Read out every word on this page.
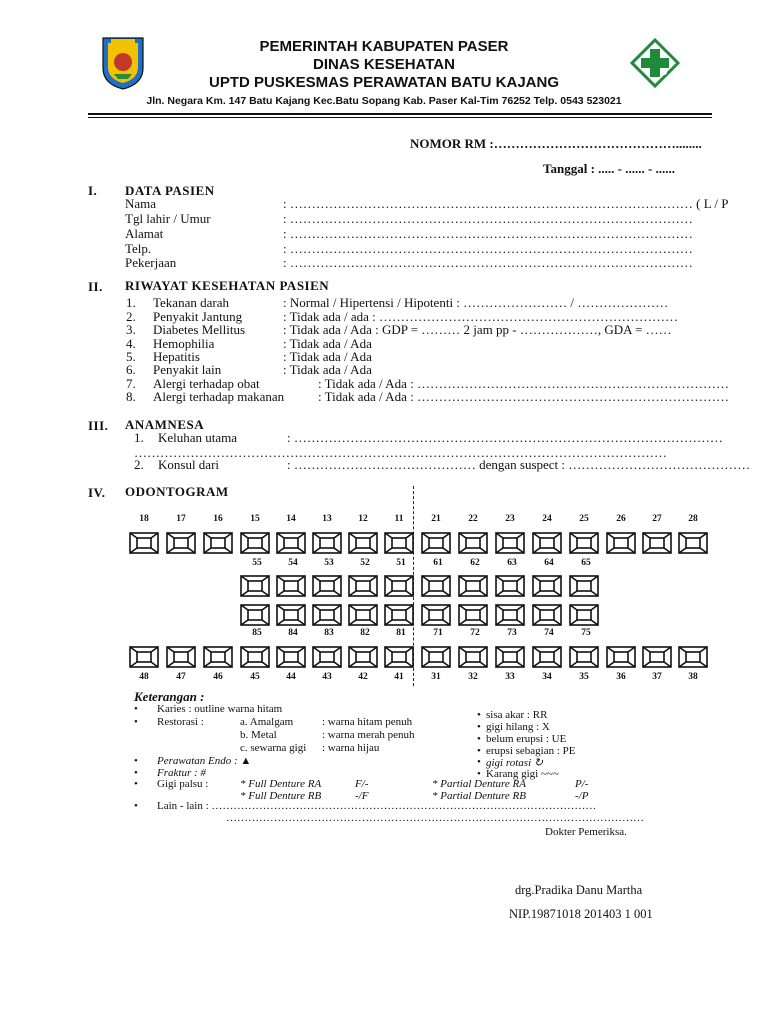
PEMERINTAH KABUPATEN PASER
DINAS KESEHATAN
UPTD PUSKESMAS PERAWATAN BATU KAJANG
Jln. Negara Km. 147 Batu Kajang Kec.Batu Sopang Kab. Paser Kal-Tim 76252 Telp. 0543 523021
NOMOR RM :……………………………………........
Tanggal : ..... - ...... - ......
I. DATA PASIEN
Nama	: ………………………………………………………………………………… ( L / P
Tgl lahir / Umur	: …………………………………………………………………………………
Alamat	: …………………………………………………………………………………
Telp.	: …………………………………………………………………………………
Pekerjaan	: …………………………………………………………………………………
II. RIWAYAT KESEHATAN PASIEN
1. Tekanan darah	: Normal / Hipertensi / Hipotenti : …………………… / …………………
2. Penyakit Jantung	: Tidak ada / ada : ……………………………………………………………
3. Diabetes Mellitus	: Tidak ada / Ada : GDP = ……… 2 jam pp - ………………, GDA = ……
4. Hemophilia	: Tidak ada / Ada
5. Hepatitis	: Tidak ada / Ada
6. Penyakit lain	: Tidak ada / Ada
7. Alergi terhadap obat	: Tidak ada / Ada : ………………………………………………………………
8. Alergi terhadap makanan	: Tidak ada / Ada : ………………………………………………………………
III. ANAMNESA
1. Keluhan utama	: ………………………………………………………………………………………
……………………………………………………………………………………………………………
2. Konsul dari	: …………………………………… dengan suspect : ……………………………………
IV. ODONTOGRAM
18	17	16	15	14	13	12	11	21	22	23	24	25	26	27	28
55	54	53	52	51	61	62	63	64	65
85	84	83	82	81	71	72	73	74	75
48	47	46	45	44	43	42	41	31	32	33	34	35	36	37	38
Keterangan :
• Karies : outline warna hitam
• Restorasi :	a. Amalgam	: warna hitam penuh
b. Metal	: warna merah penuh
c. sewarna gigi : warna hijau
• Perawatan Endo : ▲
• Fraktur : #
• Gigi palsu :	* Full Denture RA	F/-
* Full Denture RB	-/F
* Partial Denture RA	P/-
* Partial Denture RB	-/P
• sisa akar : RR
• gigi hilang : X
• belum erupsi : UE
• erupsi sebagian : PE
• gigi rotasi ↻
• Karang gigi ~~~
• Lain - lain : ……………………………………………………………………………………………
……………………………………………………………………………………………………
Dokter Pemeriksa.
drg.Pradika Danu Martha
NIP.19871018 201403 1 001
